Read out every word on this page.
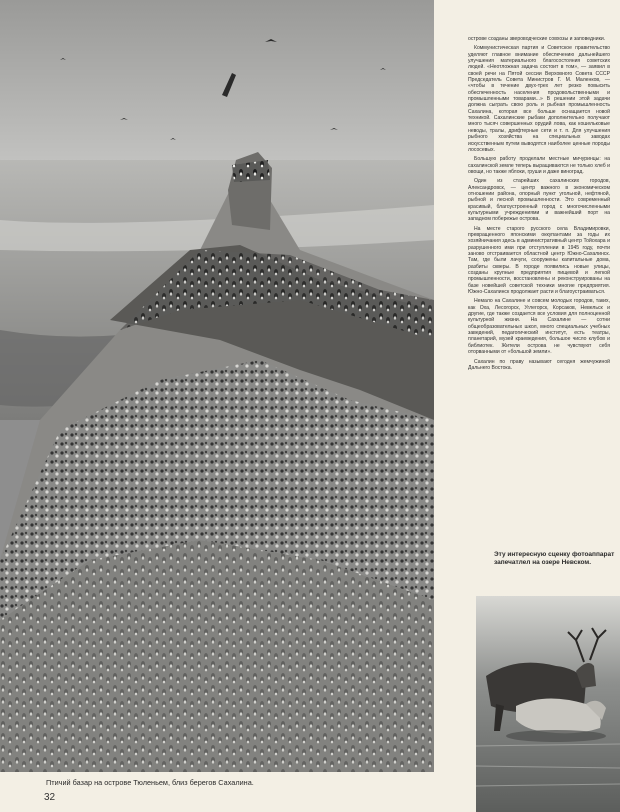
Птичий базар на острове Тюленьем, близ берегов Сахалина.
32

острове созданы звероводческие совхозы и заповедники.

Коммунистическая партия и Советское правительство уделяют главное внимание обеспечению дальнейшего улучшения материального благосостояния советских людей. «Неотложная задача состоит в том», — заявил в своей речи на Пятой сессии Верховного Совета СССР Председатель Совета Министров Г. М. Маленков, — «чтобы в течение двух-трех лет резко повысить обеспеченность населения продовольственными и промышленными товарами...» В решении этой задачи должна сыграть свою роль и рыбная промышленность Сахалина, которая все больше оснащается новой техникой. Сахалинские рыбаки дополнительно получают много тысяч совершенных орудий лова, как кошельковые неводы, тралы, дрифтерные сети и т. п. Для улучшения рыбного хозяйства на специальных заводах искусственным путем выводятся наиболее ценные породы лососевых.

Большую работу проделали местные мичуринцы: на сахалинской земле теперь выращиваются не только хлеб и овощи, но также яблоки, груши и даже виноград.

Один из старейших сахалинских городов, Александровск, — центр важного в экономическом отношении района, опорный пункт угольной, нефтяной, рыбной и лесной промышленности. Это современный красивый, благоустроенный город с многочисленными культурными учреждениями и важнейший порт на западном побережье острова.

На месте старого русского села Владимировки, превращенного японскими оккупантами за годы их хозяйничания здесь в административный центр Тойохара и разрушенного ими при отступлении в 1945 году, почти заново отстраивается областной центр Южно-Сахалинск. Там, где были лачуги, сооружены капитальные дома, разбиты скверы. В городе появились новые улицы, созданы крупные предприятия пищевой и легкой промышленности, восстановлены и реконструированы на базе новейшей советской техники многие предприятия. Южно-Сахалинск продолжает расти и благоустраиваться.

Немало на Сахалине и совсем молодых городов, таких, как Оха, Лесогорск, Углегорск, Корсаков, Невельск и другие, где также создается все условия для полноценной культурной жизни. На Сахалине — сотни общеобразовательных школ, много специальных учебных заведений, педагогический институт, есть театры, планетарий, музей краеведения, большое число клубов и библиотек. Жители острова не чувствуют себя оторванными от «большой земли».

Сахалин по праву называют сегодня жемчужиной Дальнего Востока.

Эту интересную сценку фотоаппарат запечатлел на озере Невском.
